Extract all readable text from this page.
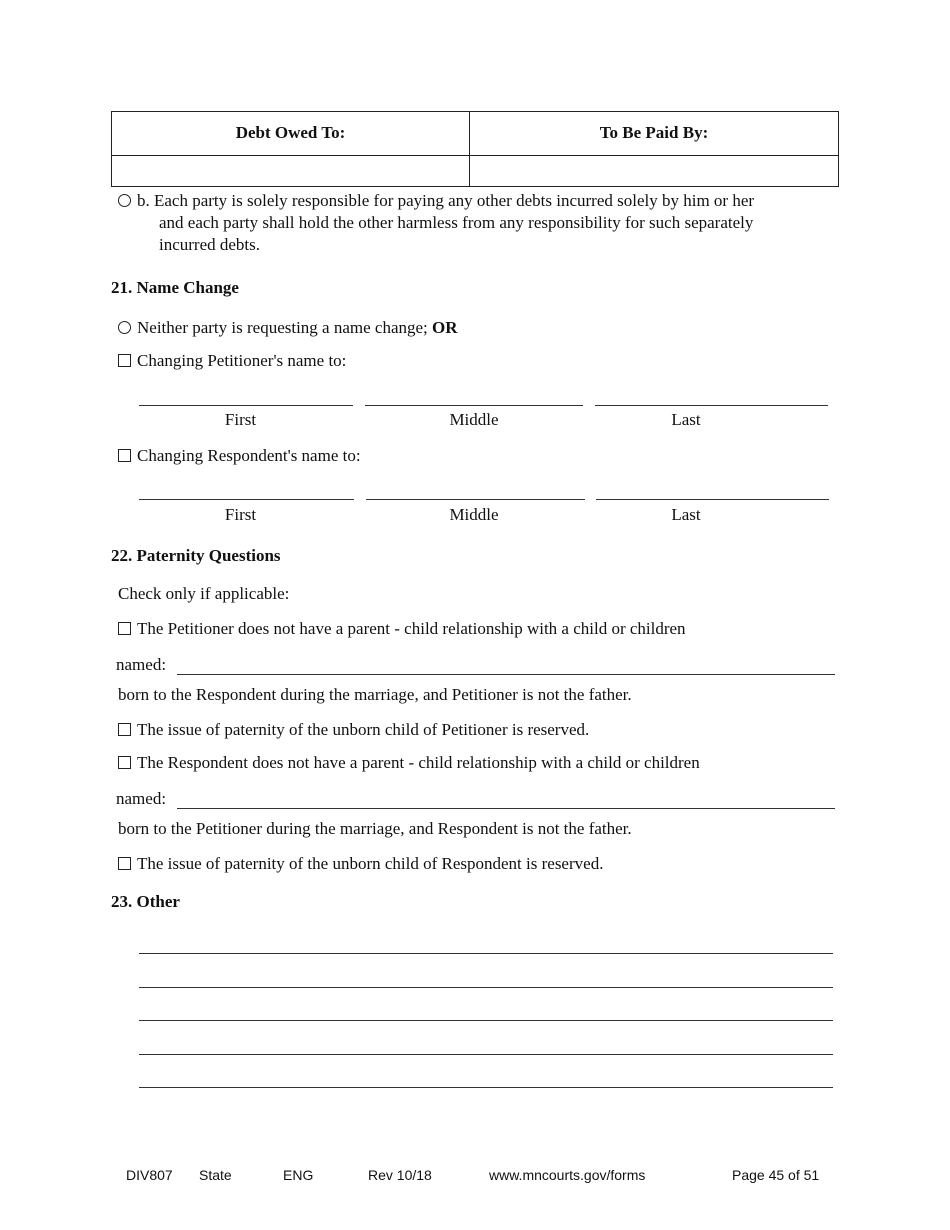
Debt Owed To:	To Be Paid By:

b. Each party is solely responsible for paying any other debts incurred solely by him or her
and each party shall hold the other harmless from any responsibility for such separately
incurred debts.
21. Name Change
Neither party is requesting a name change; OR
Changing Petitioner's name to:
First	Middle	Last
Changing Respondent's name to:
First	Middle	Last
22. Paternity Questions
Check only if applicable:
The Petitioner does not have a parent - child relationship with a child or children
named:
born to the Respondent during the marriage, and Petitioner is not the father.
The issue of paternity of the unborn child of Petitioner is reserved.
The Respondent does not have a parent - child relationship with a child or children
named:
born to the Petitioner during the marriage, and Respondent is not the father.
The issue of paternity of the unborn child of Respondent is reserved.
23. Other
DIV807 State	ENG	Rev 10/18	www.mncourts.gov/forms	Page 45 of 51
